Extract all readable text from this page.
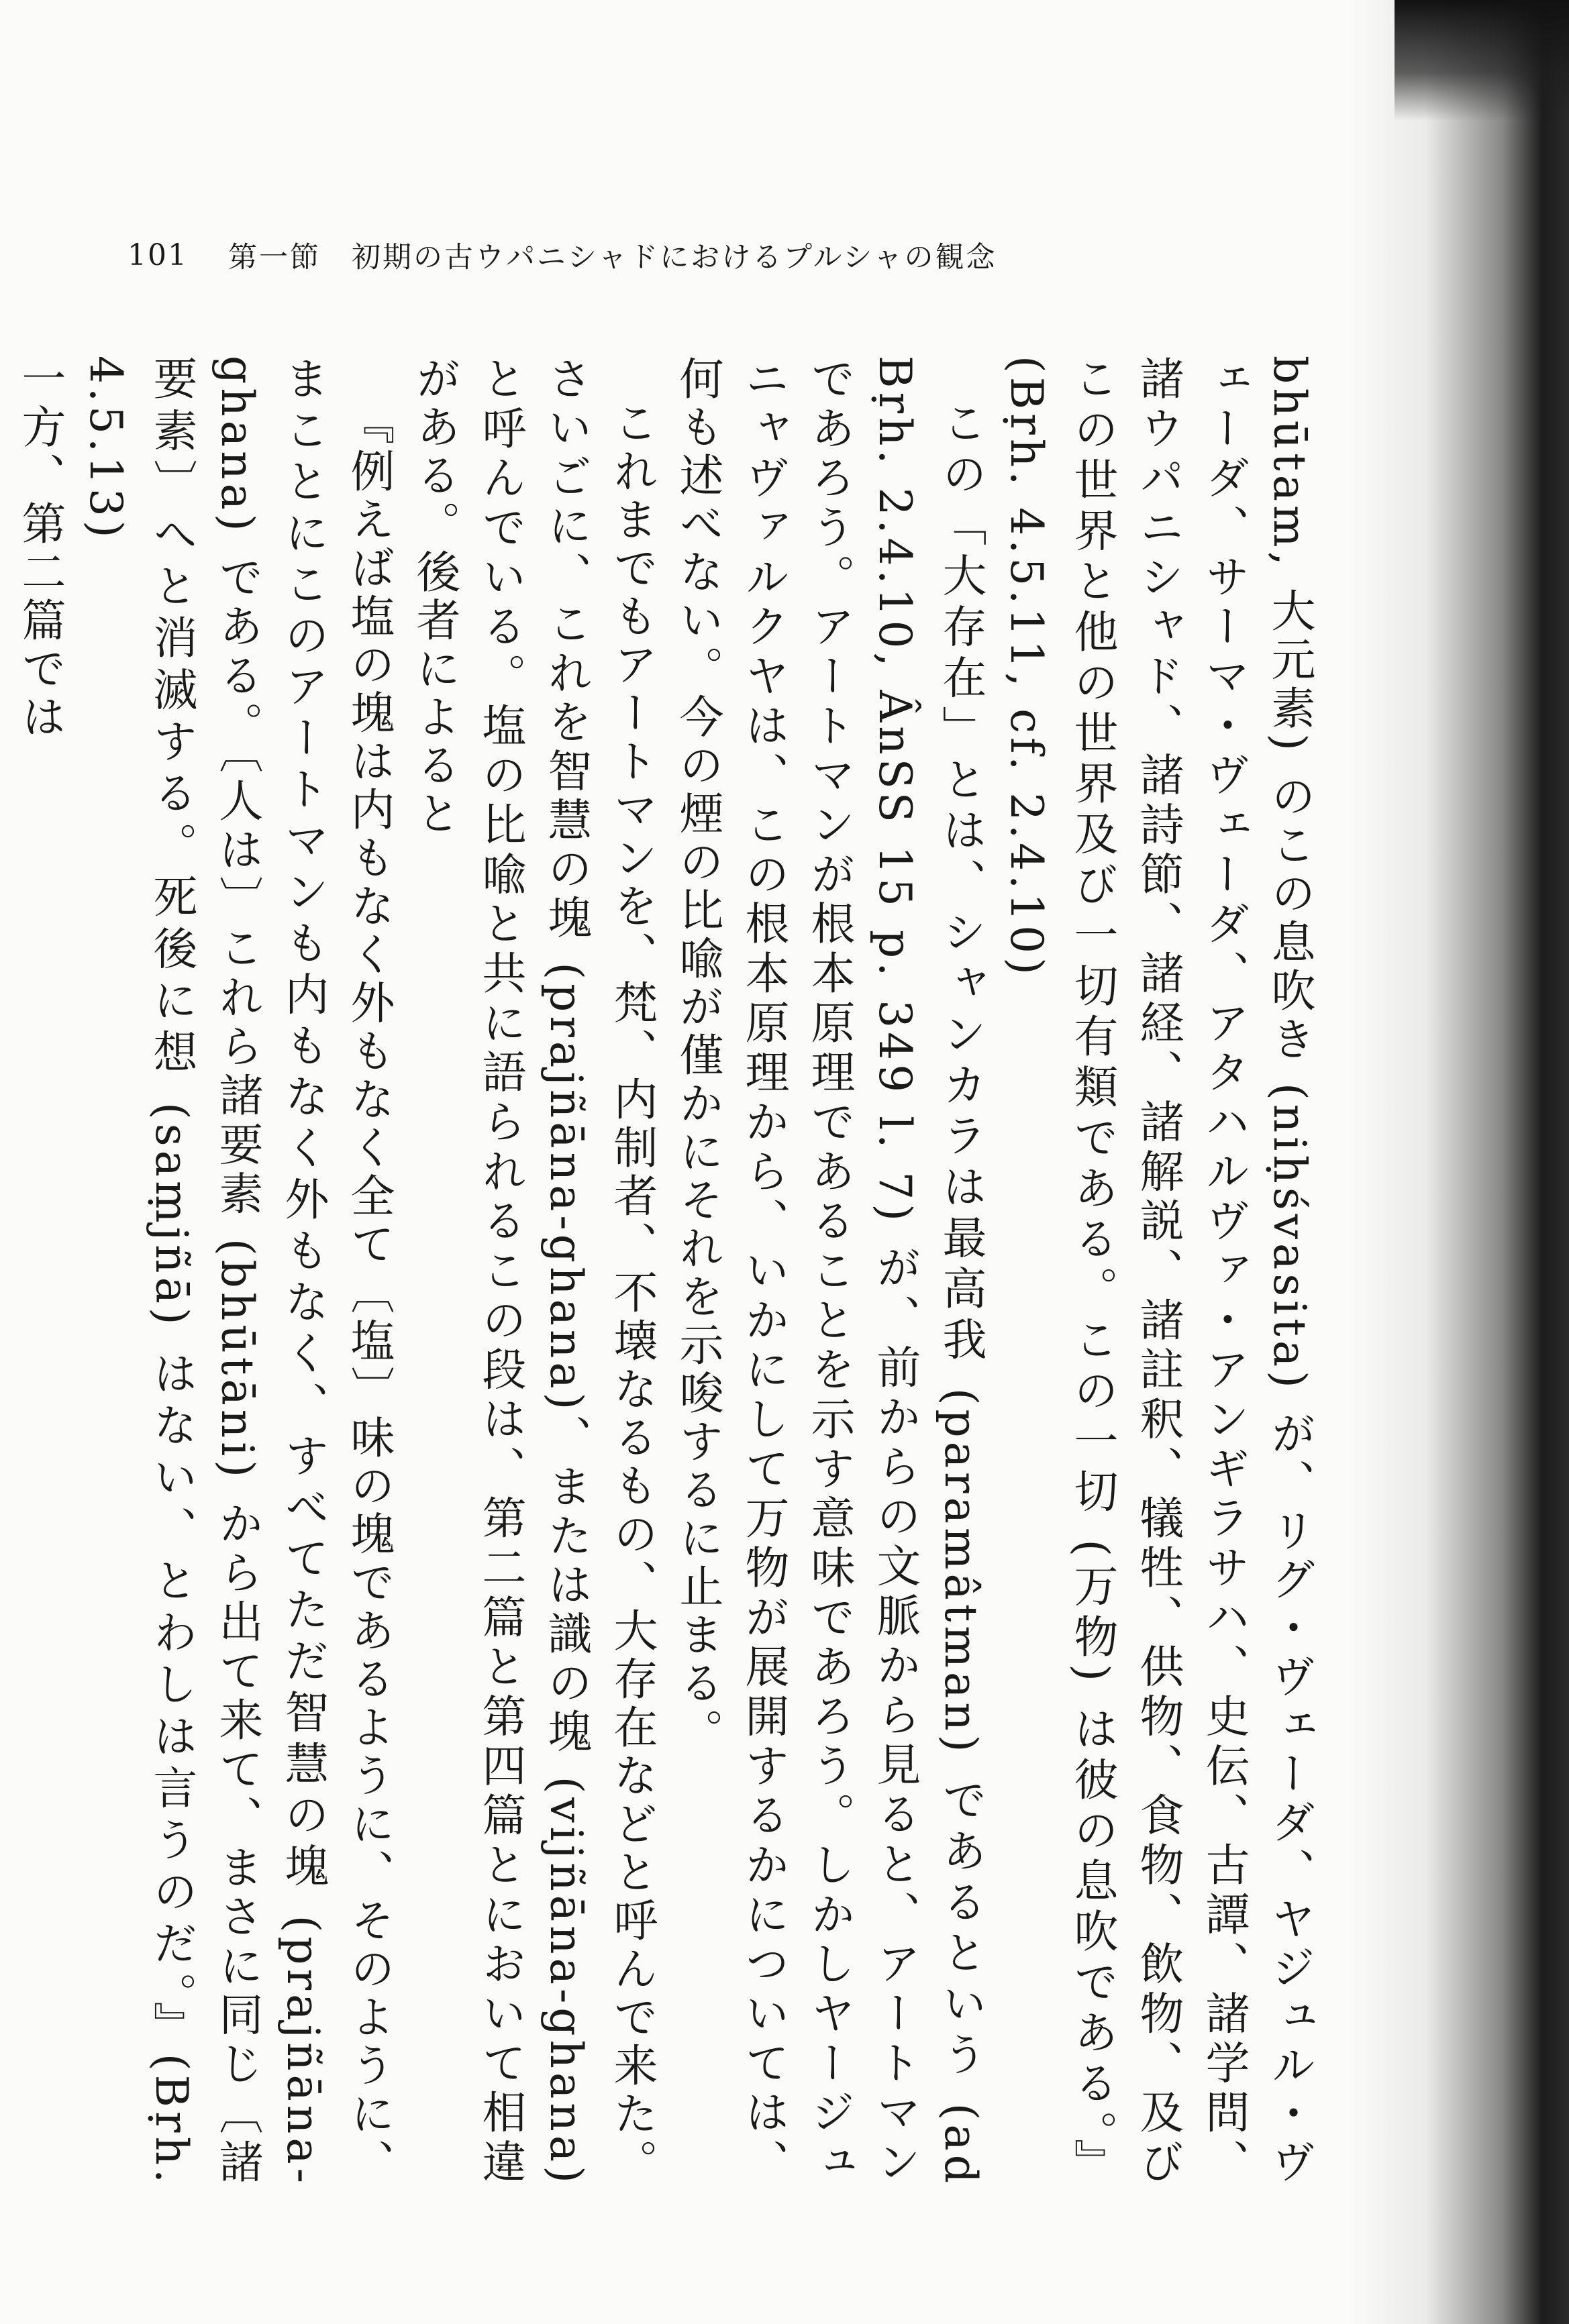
101	第一節　初期の古ウパニシャドにおけるプルシャの観念

bhūtam, 大元素) のこの息吹き (niḥśvasita) が、リグ・ヴェーダ、ヤジュル・ヴェーダ、サーマ・ヴェーダ、アタハルヴァ・アンギラサハ、史伝、古譚、諸学問、諸ウパニシャド、諸詩節、諸経、諸解説、諸註釈、犠牲、供物、食物、飲物、及びこの世界と他の世界及び一切有類である。この一切 (万物) は彼の息吹である。』(Bṛh. 4.5.11, cf. 2.4.10)

この「大存在」とは、シャンカラは最高我 (paramâtman) であるという (ad Bṛh. 2.4.10, ÂnSS 15 p. 349 l. 7) が、前からの文脈から見ると、アートマンであろう。アートマンが根本原理であることを示す意味であろう。しかしヤージュニャヴァルクヤは、この根本原理から、いかにして万物が展開するかについては、何も述べない。今の煙の比喩が僅かにそれを示唆するに止まる。

これまでもアートマンを、梵、内制者、不壊なるもの、大存在などと呼んで来た。さいごに、これを智慧の塊 (prajñāna-ghana)、または識の塊 (vijñāna-ghana) と呼んでいる。塩の比喩と共に語られるこの段は、第二篇と第四篇とにおいて相違がある。後者によると

『例えば塩の塊は内もなく外もなく全て〔塩〕味の塊であるように、そのように、まことにこのアートマンも内もなく外もなく、すべてただ智慧の塊 (prajñāna-ghana) である。〔人は〕これら諸要素 (bhūtāni) から出て来て、まさに同じ〔諸要素〕へと消滅する。死後に想 (saṃjñā) はない、とわしは言うのだ。』(Bṛh. 4.5.13)

一方、第二篇では
